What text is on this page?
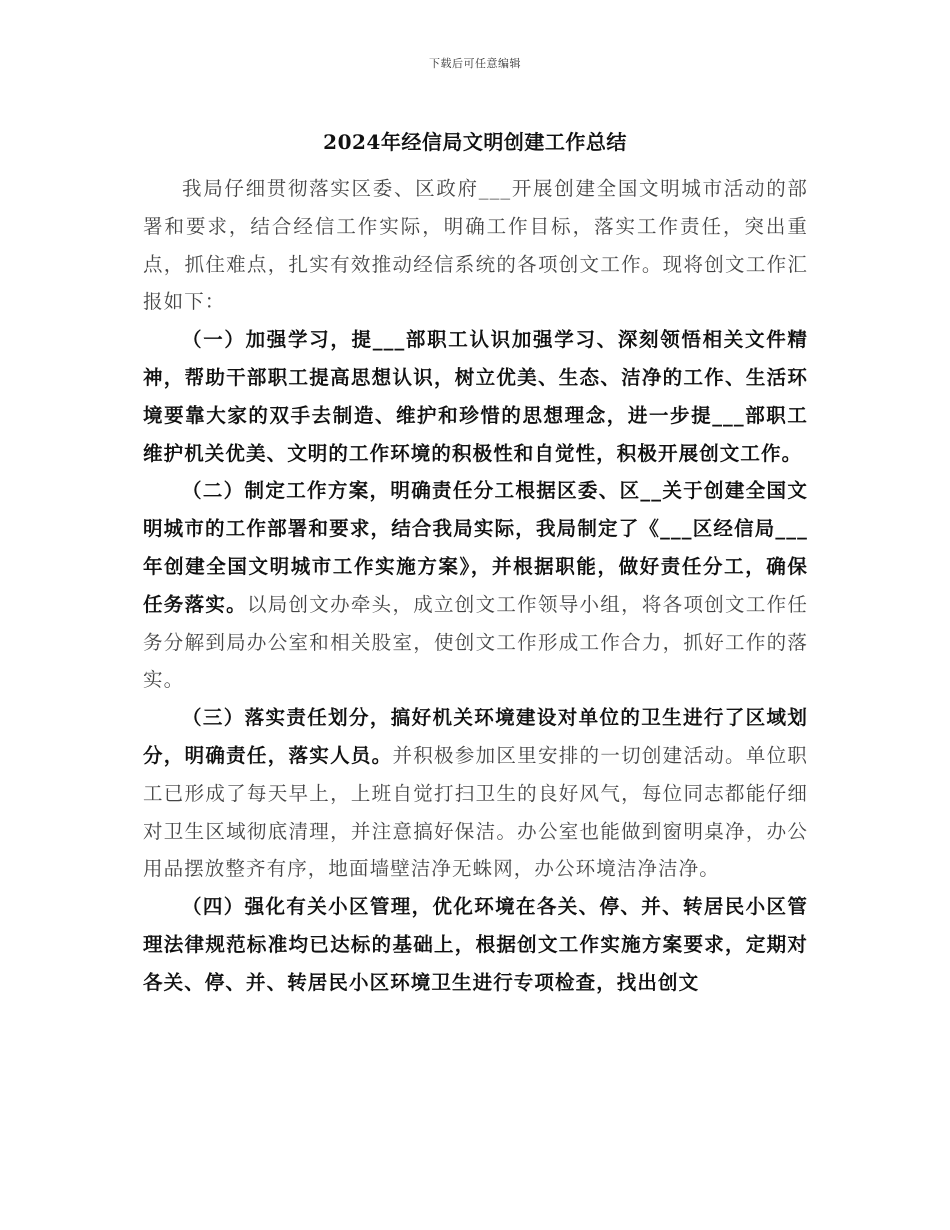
下载后可任意编辑
2024年经信局文明创建工作总结

我局仔细贯彻落实区委、区政府___开展创建全国文明城市活动的部署和要求，结合经信工作实际，明确工作目标，落实工作责任，突出重点，抓住难点，扎实有效推动经信系统的各项创文工作。现将创文工作汇报如下：

（一）加强学习，提___部职工认识加强学习、深刻领悟相关文件精神，帮助干部职工提高思想认识，树立优美、生态、洁净的工作、生活环境要靠大家的双手去制造、维护和珍惜的思想理念，进一步提___部职工维护机关优美、文明的工作环境的积极性和自觉性，积极开展创文工作。

（二）制定工作方案，明确责任分工根据区委、区__关于创建全国文明城市的工作部署和要求，结合我局实际，我局制定了《___区经信局___年创建全国文明城市工作实施方案》，并根据职能，做好责任分工，确保任务落实。以局创文办牵头，成立创文工作领导小组，将各项创文工作任务分解到局办公室和相关股室，使创文工作形成工作合力，抓好工作的落实。

（三）落实责任划分，搞好机关环境建设对单位的卫生进行了区域划分，明确责任，落实人员。并积极参加区里安排的一切创建活动。单位职工已形成了每天早上，上班自觉打扫卫生的良好风气，每位同志都能仔细对卫生区域彻底清理，并注意搞好保洁。办公室也能做到窗明桌净，办公用品摆放整齐有序，地面墙壁洁净无蛛网，办公环境洁净洁净。

（四）强化有关小区管理，优化环境在各关、停、并、转居民小区管理法律规范标准均已达标的基础上，根据创文工作实施方案要求，定期对各关、停、并、转居民小区环境卫生进行专项检查，找出创文
